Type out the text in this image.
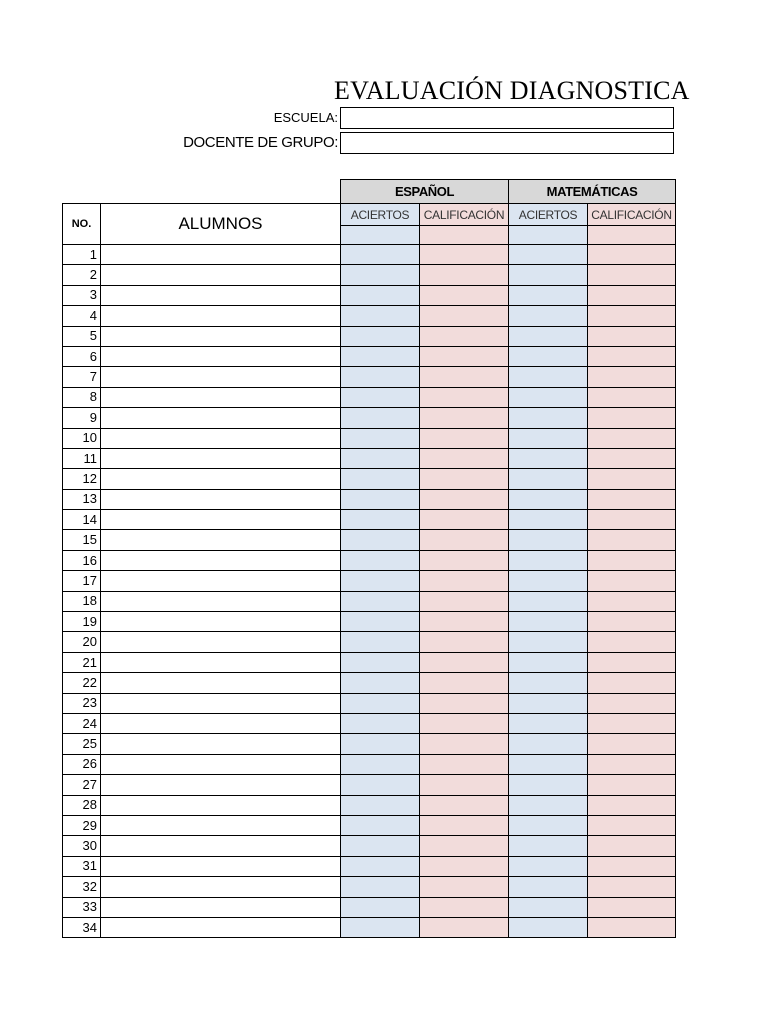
EVALUACIÓN DIAGNOSTICA
ESCUELA:
DOCENTE DE GRUPO:
		ESPAÑOL		MATEMÁTICAS	
NO.	ALUMNOS	ACIERTOS	CALIFICACIÓN	ACIERTOS	CALIFICACIÓN

1					
2					
3					
4					
5					
6					
7					
8					
9					
10					
11					
12					
13					
14					
15					
16					
17					
18					
19					
20					
21					
22					
23					
24					
25					
26					
27					
28					
29					
30					
31					
32					
33					
34					
